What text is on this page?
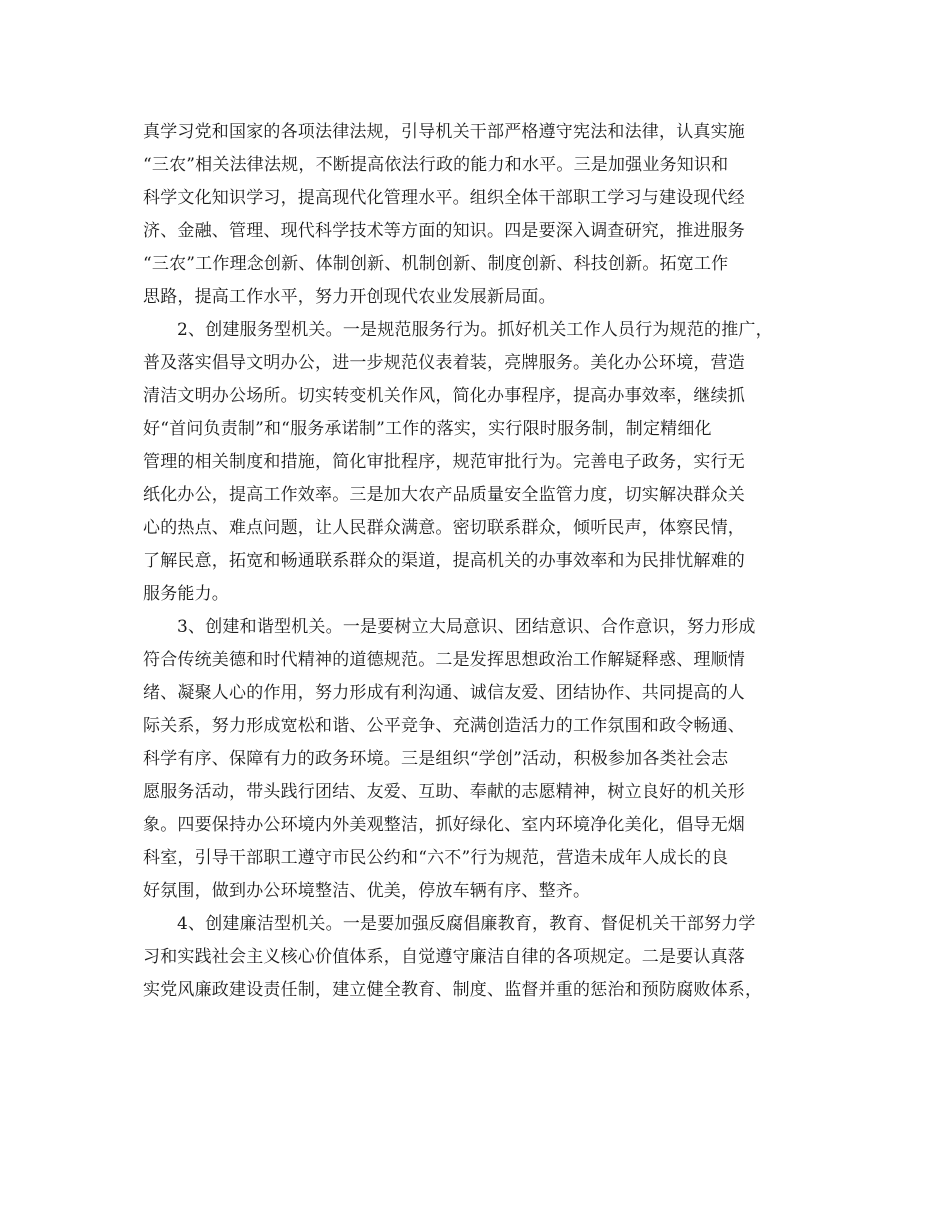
真学习党和国家的各项法律法规，引导机关干部严格遵守宪法和法律，认真实施
“三农”相关法律法规，不断提高依法行政的能力和水平。三是加强业务知识和
科学文化知识学习，提高现代化管理水平。组织全体干部职工学习与建设现代经
济、金融、管理、现代科学技术等方面的知识。四是要深入调查研究，推进服务
“三农”工作理念创新、体制创新、机制创新、制度创新、科技创新。拓宽工作
思路，提高工作水平，努力开创现代农业发展新局面。
2、创建服务型机关。一是规范服务行为。抓好机关工作人员行为规范的推广，
普及落实倡导文明办公，进一步规范仪表着装，亮牌服务。美化办公环境，营造
清洁文明办公场所。切实转变机关作风，简化办事程序，提高办事效率，继续抓
好“首问负责制”和“服务承诺制”工作的落实，实行限时服务制，制定精细化
管理的相关制度和措施，简化审批程序，规范审批行为。完善电子政务，实行无
纸化办公，提高工作效率。三是加大农产品质量安全监管力度，切实解决群众关
心的热点、难点问题，让人民群众满意。密切联系群众，倾听民声，体察民情，
了解民意，拓宽和畅通联系群众的渠道，提高机关的办事效率和为民排忧解难的
服务能力。
3、创建和谐型机关。一是要树立大局意识、团结意识、合作意识，努力形成
符合传统美德和时代精神的道德规范。二是发挥思想政治工作解疑释惑、理顺情
绪、凝聚人心的作用，努力形成有利沟通、诚信友爱、团结协作、共同提高的人
际关系，努力形成宽松和谐、公平竞争、充满创造活力的工作氛围和政令畅通、
科学有序、保障有力的政务环境。三是组织“学创”活动，积极参加各类社会志
愿服务活动，带头践行团结、友爱、互助、奉献的志愿精神，树立良好的机关形
象。四要保持办公环境内外美观整洁，抓好绿化、室内环境净化美化，倡导无烟
科室，引导干部职工遵守市民公约和“六不”行为规范，营造未成年人成长的良
好氛围，做到办公环境整洁、优美，停放车辆有序、整齐。
4、创建廉洁型机关。一是要加强反腐倡廉教育，教育、督促机关干部努力学
习和实践社会主义核心价值体系，自觉遵守廉洁自律的各项规定。二是要认真落
实党风廉政建设责任制，建立健全教育、制度、监督并重的惩治和预防腐败体系，
